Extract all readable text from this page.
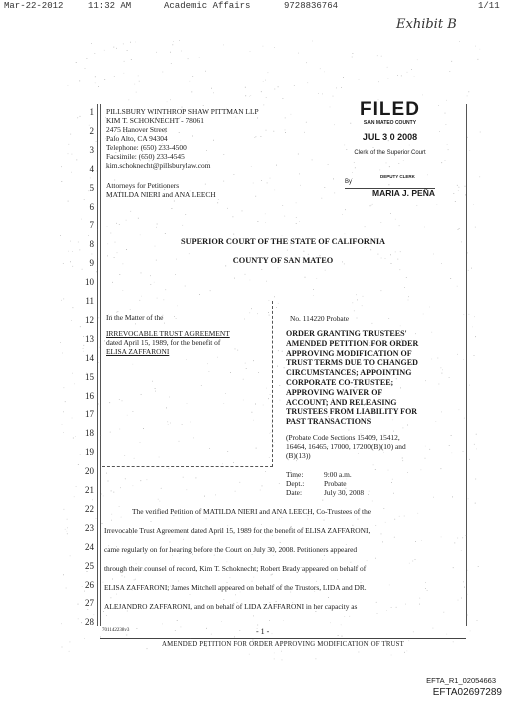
Mar-22-2012	11:32 AM	Academic Affairs	9728836764	1/11
Exhibit B
1
2
3
4
5
6
7
8
9
10
11
12
13
14
15
16
17
18
19
20
21
22
23
24
25
26
27
28
PILLSBURY WINTHROP SHAW PITTMAN LLP
KIM T. SCHOKNECHT - 78061
2475 Hanover Street
Palo Alto, CA 94304
Telephone: (650) 233-4500
Facsimile: (650) 233-4545
kim.schoknecht@pillsburylaw.com
Attorneys for Petitioners
MATILDA NIERI and ANA LEECH
FILED
SAN MATEO COUNTY
JUL 3 0 2008
Clerk of the Superior Court
By
DEPUTY CLERK
MARIA J. PEÑA
SUPERIOR COURT OF THE STATE OF CALIFORNIA
COUNTY OF SAN MATEO
In the Matter of the
IRREVOCABLE TRUST AGREEMENT
dated April 15, 1989, for the benefit of
ELISA ZAFFARONI
No. 114220 Probate
ORDER GRANTING TRUSTEES'
AMENDED PETITION FOR ORDER
APPROVING MODIFICATION OF
TRUST TERMS DUE TO CHANGED
CIRCUMSTANCES; APPOINTING
CORPORATE CO-TRUSTEE;
APPROVING WAIVER OF
ACCOUNT; AND RELEASING
TRUSTEES FROM LIABILITY FOR
PAST TRANSACTIONS
(Probate Code Sections 15409, 15412,
16464, 16465, 17000, 17200(B)(10) and
(B)(13))
Time:	9:00 a.m.
Dept.:	Probate
Date:	July 30, 2008
The verified Petition of MATILDA NIERI and ANA LEECH, Co-Trustees of the
Irrevocable Trust Agreement dated April 15, 1989 for the benefit of ELISA ZAFFARONI,
came regularly on for hearing before the Court on July 30, 2008. Petitioners appeared
through their counsel of record, Kim T. Schoknecht; Robert Brady appeared on behalf of
ELISA ZAFFARONI; James Mitchell appeared on behalf of the Trustors, LIDA and DR.
ALEJANDRO ZAFFARONI, and on behalf of LIDA ZAFFARONI in her capacity as
701142238v3	- 1 -
AMENDED PETITION FOR ORDER APPROVING MODIFICATION OF TRUST
EFTA_R1_02054663
EFTA02697289
